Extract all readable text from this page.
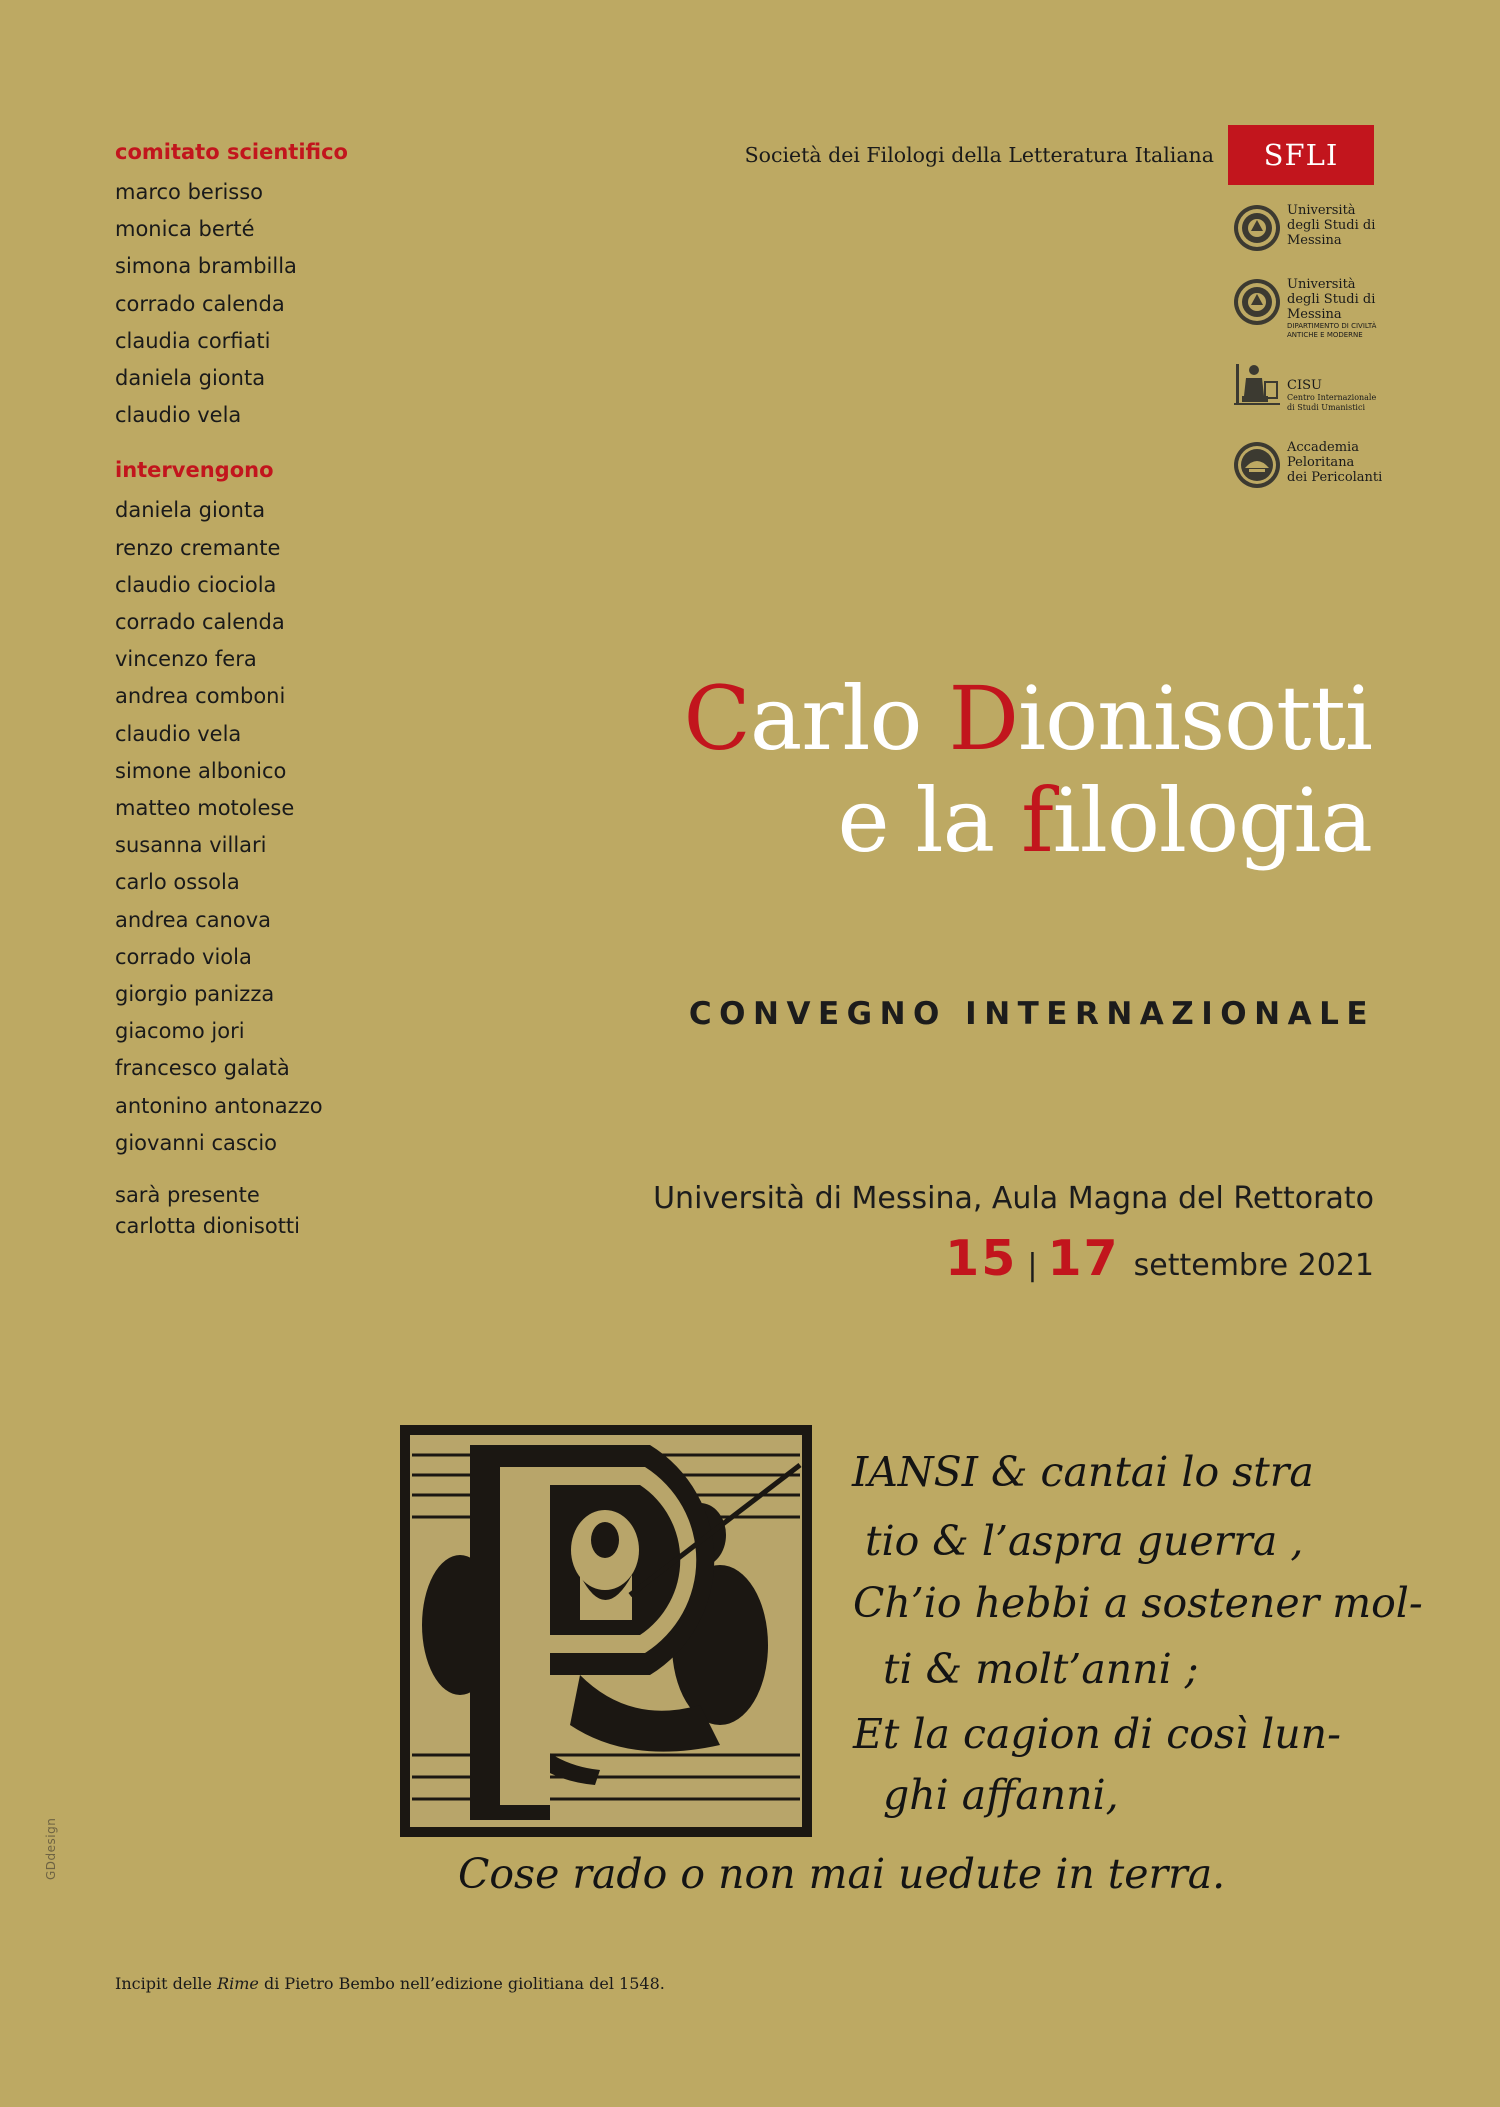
comitato scientifico
marco berisso
monica berté
simona brambilla
corrado calenda
claudia corfiati
daniela gionta
claudio vela
intervengono
daniela gionta
renzo cremante
claudio ciociola
corrado calenda
vincenzo fera
andrea comboni
claudio vela
simone albonico
matteo motolese
susanna villari
carlo ossola
andrea canova
corrado viola
giorgio panizza
giacomo jori
francesco galatà
antonino antonazzo
giovanni cascio
sarà presente
carlotta dionisotti
Società dei Filologi della Letteratura Italiana	SFLI
Università
degli Studi di
Messina
Università
degli Studi di
Messina
DIPARTIMENTO DI CIVILTÀ
ANTICHE E MODERNE
CISU
Centro Internazionale
di Studi Umanistici
Accademia
Peloritana
dei Pericolanti
Carlo Dionisotti
e la filologia
CONVEGNO INTERNAZIONALE
Università di Messina, Aula Magna del Rettorato
15 | 17 settembre 2021
IANSI & cantai lo stra
tio & l’aspra guerra ,
Ch’io hebbi a sostener mol-
ti & molt’anni ;
Et la cagion di così lun-
ghi affanni,
Cose rado o non mai uedute in terra.
GDdesign
Incipit delle Rime di Pietro Bembo nell’edizione giolitiana del 1548.
